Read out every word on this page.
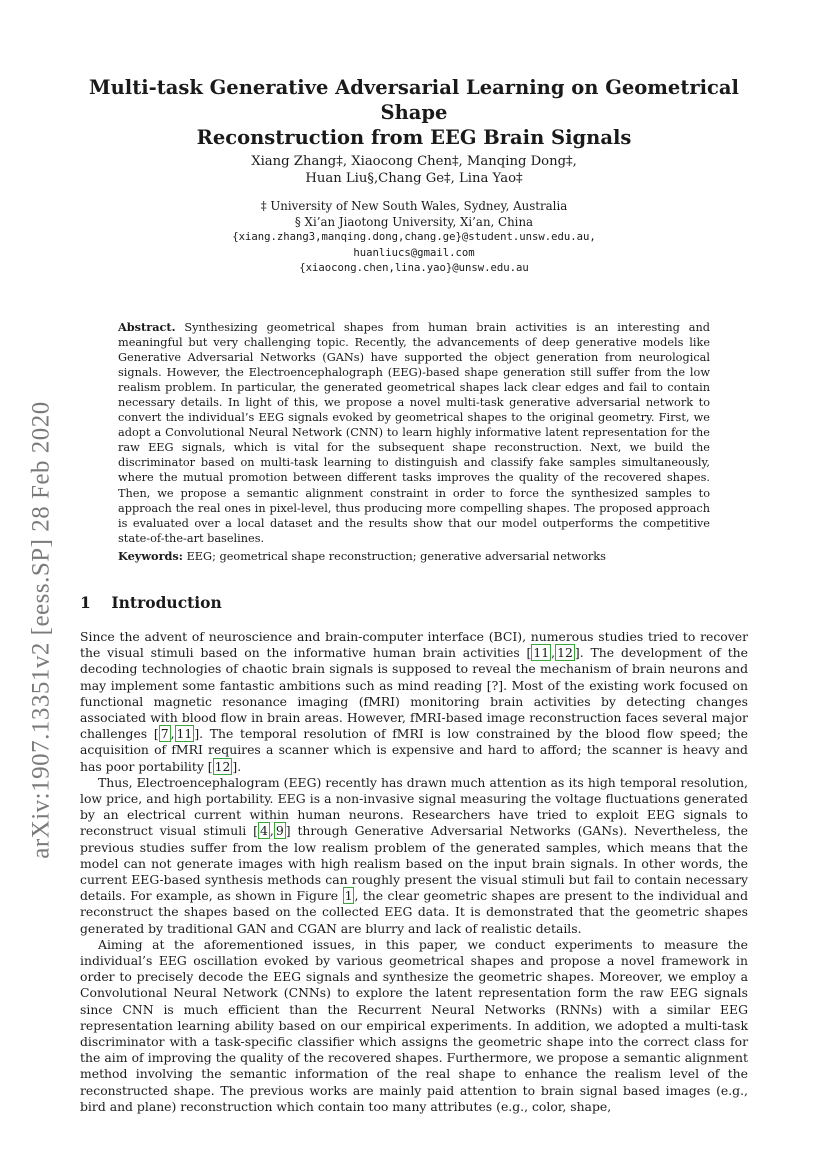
arXiv:1907.13351v2 [eess.SP] 28 Feb 2020
Multi-task Generative Adversarial Learning on Geometrical Shape
Reconstruction from EEG Brain Signals
Xiang Zhang‡, Xiaocong Chen‡, Manqing Dong‡,
Huan Liu§,Chang Ge‡, Lina Yao‡
‡ University of New South Wales, Sydney, Australia
§ Xi’an Jiaotong University, Xi’an, China
{xiang.zhang3,manqing.dong,chang.ge}@student.unsw.edu.au,
huanliucs@gmail.com
{xiaocong.chen,lina.yao}@unsw.edu.au
Abstract. Synthesizing geometrical shapes from human brain activities is an interesting and meaningful but very challenging topic. Recently, the advancements of deep generative models like Generative Adversarial Networks (GANs) have supported the object generation from neurological signals. However, the Electroencephalograph (EEG)-based shape generation still suffer from the low realism problem. In particular, the generated geometrical shapes lack clear edges and fail to contain necessary details. In light of this, we propose a novel multi-task generative adversarial network to convert the individual’s EEG signals evoked by geometrical shapes to the original geometry. First, we adopt a Convolutional Neural Network (CNN) to learn highly informative latent representation for the raw EEG signals, which is vital for the subsequent shape reconstruction. Next, we build the discriminator based on multi-task learning to distinguish and classify fake samples simultaneously, where the mutual promotion between different tasks improves the quality of the recovered shapes. Then, we propose a semantic alignment constraint in order to force the synthesized samples to approach the real ones in pixel-level, thus producing more compelling shapes. The proposed approach is evaluated over a local dataset and the results show that our model outperforms the competitive state-of-the-art baselines.
Keywords: EEG; geometrical shape reconstruction; generative adversarial networks
1 Introduction

Since the advent of neuroscience and brain-computer interface (BCI), numerous studies tried to recover the visual stimuli based on the informative human brain activities [ 11 , 12 ]. The development of the decoding technologies of chaotic brain signals is supposed to reveal the mechanism of brain neurons and may implement some fantastic ambitions such as mind reading [?]. Most of the existing work focused on functional magnetic resonance imaging (fMRI) monitoring brain activities by detecting changes associated with blood flow in brain areas. However, fMRI-based image reconstruction faces several major challenges [ 7 , 11 ]. The temporal resolution of fMRI is low constrained by the blood flow speed; the acquisition of fMRI requires a scanner which is expensive and hard to afford; the scanner is heavy and has poor portability [ 12 ].

Thus, Electroencephalogram (EEG) recently has drawn much attention as its high temporal resolution, low price, and high portability. EEG is a non-invasive signal measuring the voltage fluctuations generated by an electrical current within human neurons. Researchers have tried to exploit EEG signals to reconstruct visual stimuli [ 4 , 9 ] through Generative Adversarial Networks (GANs). Nevertheless, the previous studies suffer from the low realism problem of the generated samples, which means that the model can not generate images with high realism based on the input brain signals. In other words, the current EEG-based synthesis methods can roughly present the visual stimuli but fail to contain necessary details. For example, as shown in Figure 1 , the clear geometric shapes are present to the individual and reconstruct the shapes based on the collected EEG data. It is demonstrated that the geometric shapes generated by traditional GAN and CGAN are blurry and lack of realistic details.

Aiming at the aforementioned issues, in this paper, we conduct experiments to measure the individual’s EEG oscillation evoked by various geometrical shapes and propose a novel framework in order to precisely decode the EEG signals and synthesize the geometric shapes. Moreover, we employ a Convolutional Neural Network (CNNs) to explore the latent representation form the raw EEG signals since CNN is much efficient than the Recurrent Neural Networks (RNNs) with a similar EEG representation learning ability based on our empirical experiments. In addition, we adopted a multi-task discriminator with a task-specific classifier which assigns the geometric shape into the correct class for the aim of improving the quality of the recovered shapes. Furthermore, we propose a semantic alignment method involving the semantic information of the real shape to enhance the realism level of the reconstructed shape. The previous works are mainly paid attention to brain signal based images (e.g., bird and plane) reconstruction which contain too many attributes (e.g., color, shape,
